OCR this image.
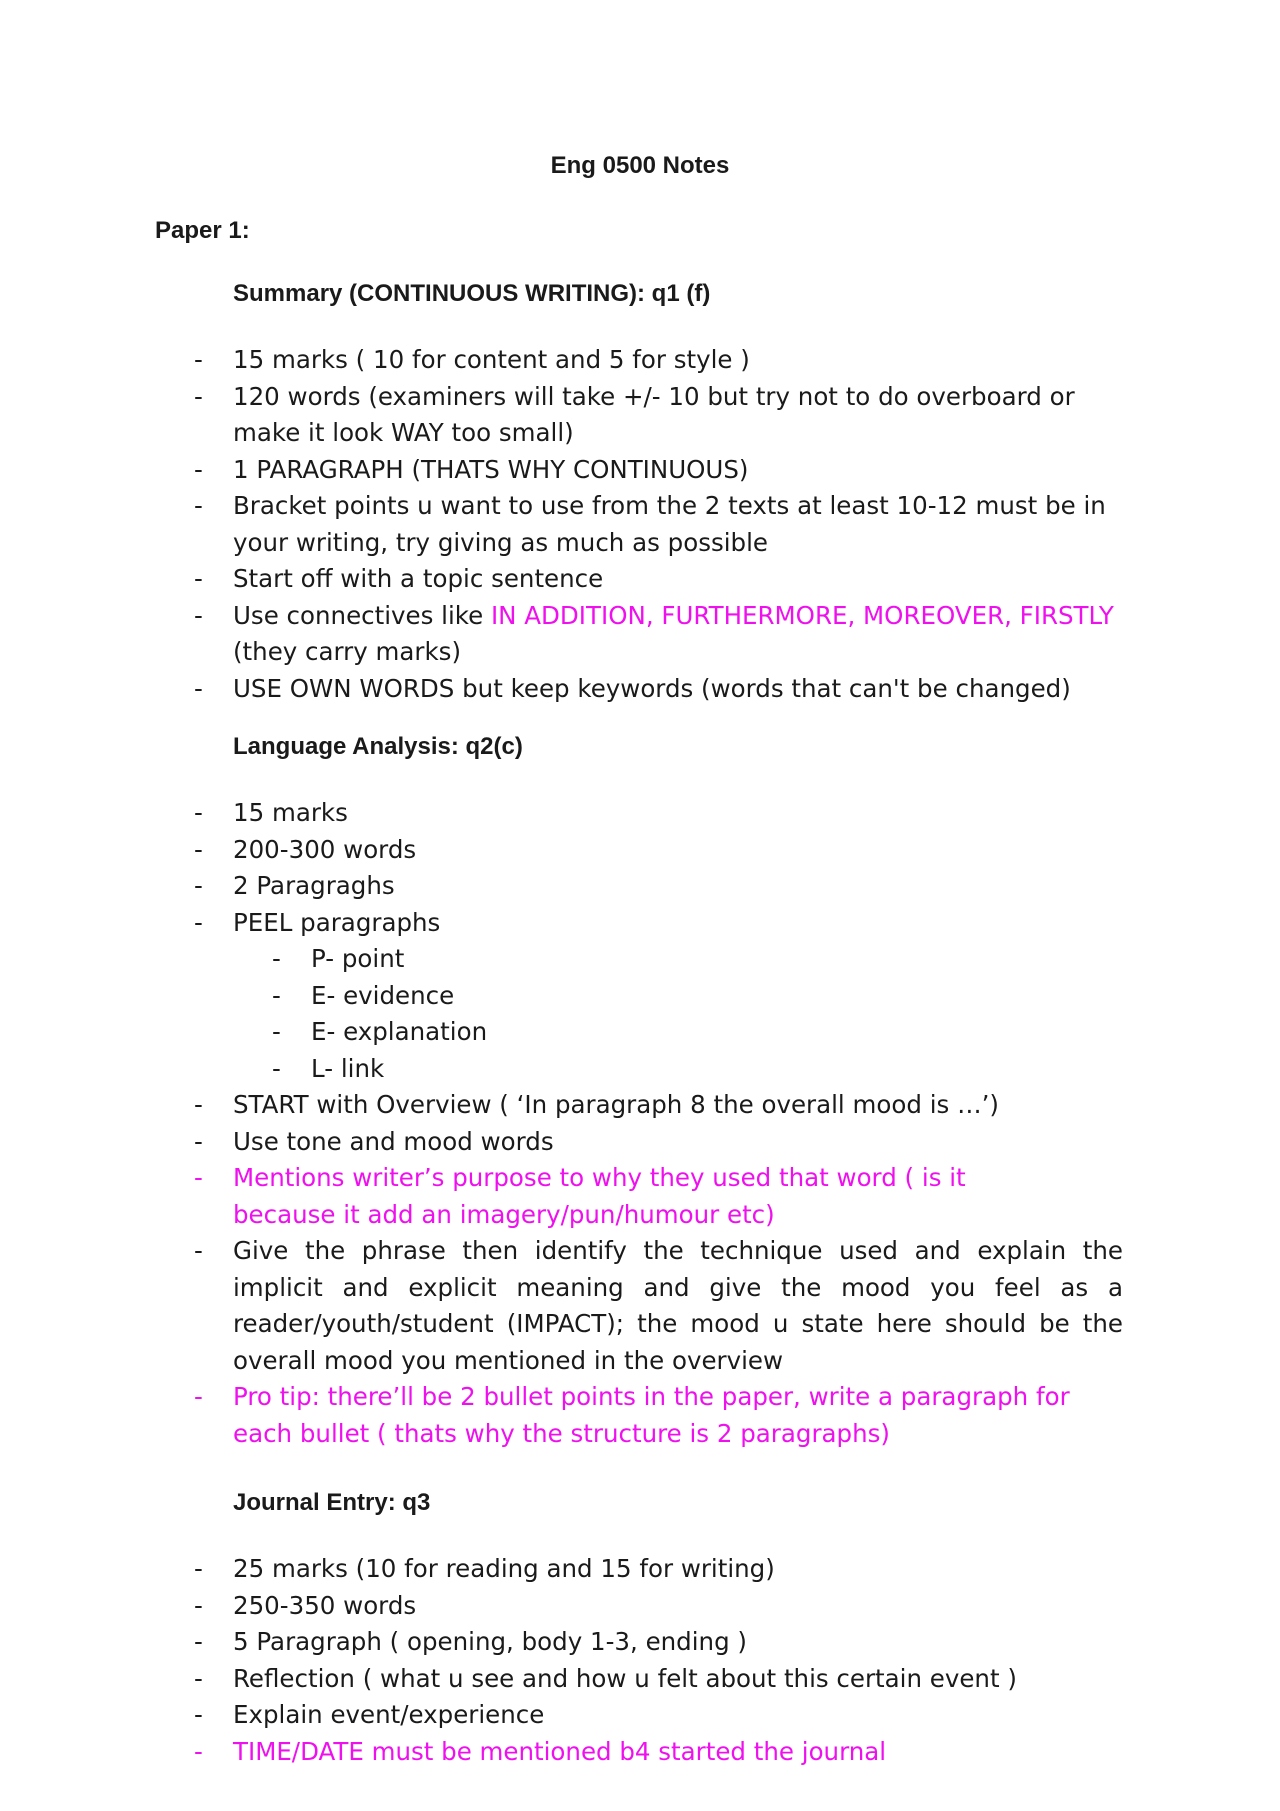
Eng 0500 Notes
Paper 1:
Summary (CONTINUOUS WRITING): q1 (f)
- 15 marks ( 10 for content and 5 for style )
- 120 words (examiners will take +/- 10 but try not to do overboard or make it look WAY too small)
- 1 PARAGRAPH (THATS WHY CONTINUOUS)
- Bracket points u want to use from the 2 texts at least 10-12 must be in your writing, try giving as much as possible
- Start off with a topic sentence
- Use connectives like IN ADDITION, FURTHERMORE, MOREOVER, FIRSTLY (they carry marks)
- USE OWN WORDS but keep keywords (words that can't be changed)
Language Analysis: q2(c)
- 15 marks
- 200-300 words
- 2 Paragraghs
- PEEL paragraphs
- P- point
- E- evidence
- E- explanation
- L- link
- START with Overview ( ‘In paragraph 8 the overall mood is …’)
- Use tone and mood words
- Mentions writer’s purpose to why they used that word ( is it because it add an imagery/pun/humour etc)
- Give the phrase then identify the technique used and explain the implicit and explicit meaning and give the mood you feel as a reader/youth/student (IMPACT); the mood u state here should be the overall mood you mentioned in the overview
- Pro tip: there’ll be 2 bullet points in the paper, write a paragraph for each bullet ( thats why the structure is 2 paragraphs)
Journal Entry: q3
- 25 marks (10 for reading and 15 for writing)
- 250-350 words
- 5 Paragraph ( opening, body 1-3, ending )
- Reflection ( what u see and how u felt about this certain event )
- Explain event/experience
- TIME/DATE must be mentioned b4 started the journal
